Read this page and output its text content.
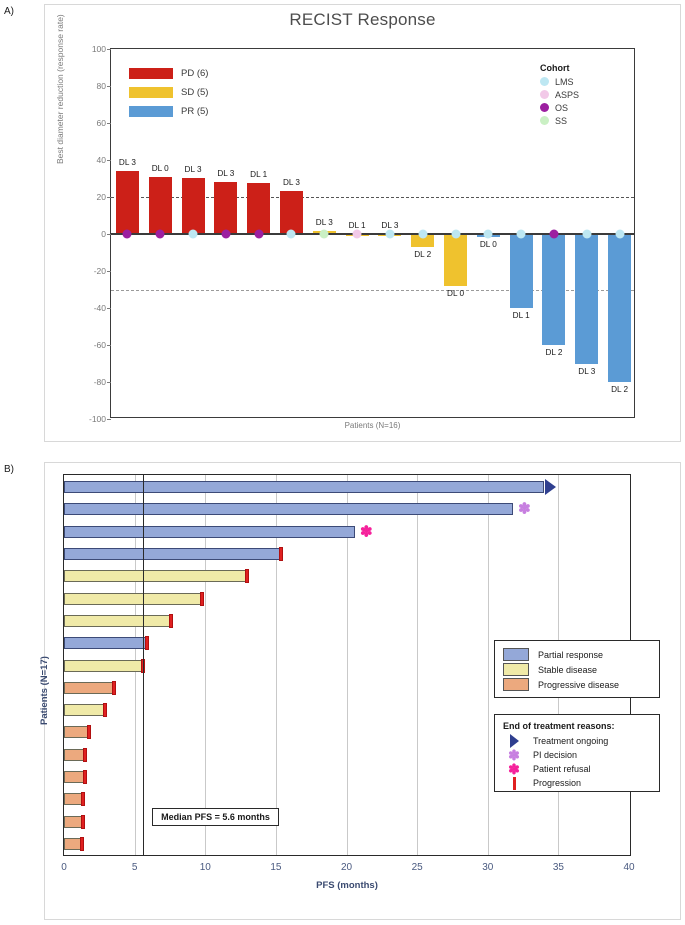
A)	RECIST Response
Best diameter reduction (response rate)	100
80
60
40
20
0
-20
-40
-60
-80
-100
Patients (N=16)
DL 3
DL 0 DL 3
DL 3 DL 1
DL 3
DL 3 DL 1 DL 3
DL 2
DL 0
DL 0
DL 1
DL 2
DL 3
DL 2
PD (6)
SD (5)
PR (5)
Cohort
LMS
ASPS
OS
SS
B)
Patients (N=17)
PFS (months)
0	5	10	15	20	25	30	35	40
✽
✽
Median PFS = 5.6 months
Partial response
Stable disease
Progressive disease
End of treatment reasons:
Treatment ongoing
✽	PI decision
✽	Patient refusal
Progression
